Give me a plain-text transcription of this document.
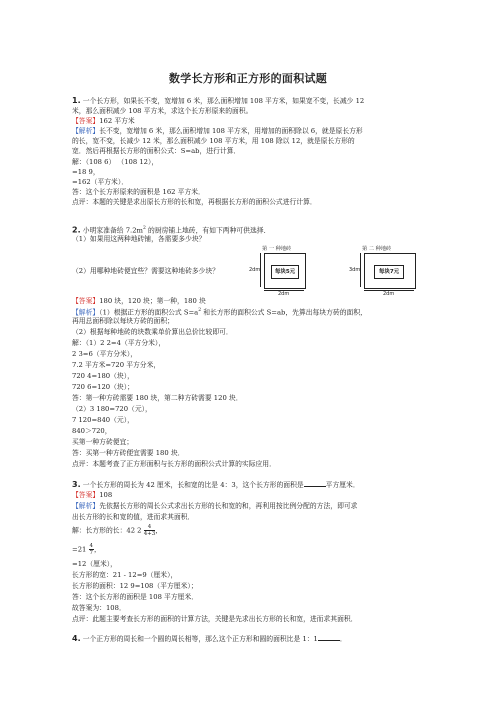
数学长方形和正方形的面积试题
1. 一个长方形，如果长不变，宽增加 6 米，那么面积增加 108 平方米，如果宽不变，长减少 12
米，那么面积减少 108 平方米，求这个长方形原来的面积。
【答案】162 平方米
【解析】长不变，宽增加 6 米，那么面积增加 108 平方米，用增加的面积除以 6，就是原长方形
的长，宽不变，长减少 12 米，那么面积减少 108 平方米，用 108 除以 12，就是原长方形的
宽．然后再根据长方形的面积公式：S=ab，进行计算．
解：（108 6） （108 12），
=18 9，
=162（平方米）．
答：这个长方形原来的面积是 162 平方米．
点评：本题的关键是求出原长方形的长和宽，再根据长方形的面积公式进行计算．
2. 小明家准备给 $7.2m^2$ 的厨房铺上地砖，有如下两种可供选择．
（1）如果用这两种地砖铺，各需要多少块？
（2）用哪种地砖便宜些？需要这种地砖多少块？
第 一 种地砖
每块5元
2dm
2dm
第 二 种地砖
每块7元
3dm
2dm
【答案】180 块，120 块；第一种，180 块
【解析】（1）根据正方形的面积公式 $S=a^2$ 和长方形的面积公式 S=ab，先算出每块方砖的面积，
再用总面积除以每块方砖的面积；
（2）根据每种地砖的块数乘单价算出总价比较即可．
解：（1）2 2=4（平方分米），
2 3=6（平方分米），
7.2 平方米=720 平方分米，
720 4=180（块），
720 6=120（块）；
答：第一种方砖需要 180 块，第二种方砖需要 120 块．
（2）3 180=720（元），
7 120=840（元），
840＞720，
买第一种方砖便宜；
答：买第一种方砖便宜需要 180 块．
点评：本题考查了正方形面积与长方形的面积公式计算的实际应用．
3. 一个长方形的周长为 42 厘米，长和宽的比是 4：3，这个长方形的面积是	平方厘米．
【答案】108
【解析】先依据长方形的周长公式求出长方形的长和宽的和，再利用按比例分配的方法，即可求
出长方形的长和宽的值，进而求其面积．
解：长方形的长：42 $2 \frac{4}{4+3}$ ，
$=21 \frac{4}{7}$ ，
=12（厘米），
长方形的宽：21 - 12=9（厘米），
长方形的面积：12 9=108（平方厘米）；
答：这个长方形的面积是 108 平方厘米．
故答案为：108．
点评：此题主要考查长方形的面积的计算方法，关键是先求出长方形的长和宽，进而求其面积．
4. 一个正方形的周长和一个圆的周长相等，那么这个正方形和圆的面积比是 1：1	．
